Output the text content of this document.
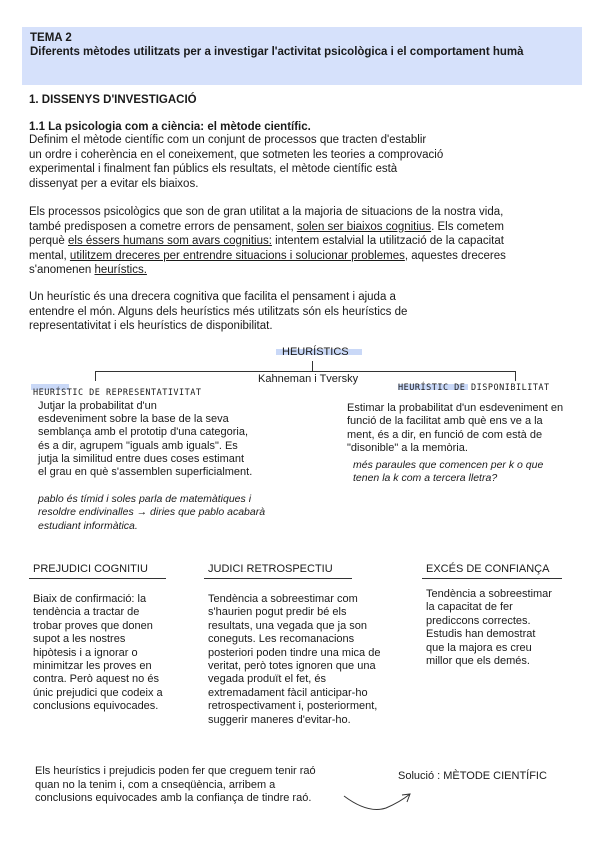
TEMA 2
Diferents mètodes utilitzats per a investigar l'activitat psicològica i el comportament humà
1. DISSENYS D'INVESTIGACIÓ
1.1 La psicologia com a ciència: el mètode científic.

Definim el mètode científic com un conjunt de processos que tracten d'establir

un ordre i coherència en el coneixement, que sotmeten les teories a comprovació

experimental i finalment fan públics els resultats, el mètode científic està

dissenyat per a evitar els biaixos.

Els processos psicològics que son de gran utilitat a la majoria de situacions de la nostra vida,

també predisposen a cometre errors de pensament, solen ser biaixos cognitius. Els cometem

perquè els éssers humans som avars cognitius: intentem estalvial la utilització de la capacitat

mental, utilitzem dreceres per entrendre situacions i solucionar problemes, aquestes dreceres

s'anomenen heurístics.

Un heurístic és una drecera cognitiva que facilita el pensament i ajuda a

entendre el món. Alguns dels heurístics més utilitzats són els heurístics de

representativitat i els heurístics de disponibilitat.

HEURÍSTICS
Kahneman i Tversky
HEURÍSTIC DE REPRESENTATIVITAT	HEURÍSTIC DE DISPONIBILITAT
Jutjar la probabilitat d'un
esdeveniment sobre la base de la seva
semblança amb el prototip d'una categoria,
és a dir, agrupem "iguals amb iguals". Es
jutja la similitud entre dues coses estimant
el grau en què s'assemblen superficialment.
pablo és tímid i soles parla de matemàtiques i
resoldre endivinalles → diries que pablo acabarà
estudiant informàtica.
Estimar la probabilitat d'un esdeveniment en
funció de la facilitat amb què ens ve a la
ment, és a dir, en funció de com està de
"disonible" a la memòria.
més paraules que comencen per k o que
tenen la k com a tercera lletra?
PREJUDICI COGNITIU
Biaix de confirmació: la
tendència a tractar de
trobar proves que donen
supot a les nostres
hipòtesis i a ignorar o
minimitzar les proves en
contra. Però aquest no és
únic prejudici que codeix a
conclusions equivocades.
JUDICI RETROSPECTIU
Tendència a sobreestimar com
s'haurien pogut predir bé els
resultats, una vegada que ja son
coneguts. Les recomanacions
posteriori poden tindre una mica de
veritat, però totes ignoren que una
vegada produït el fet, és
extremadament fàcil anticipar-ho
retrospectivament i, posteriorment,
suggerir maneres d'evitar-ho.
EXCÉS DE CONFIANÇA
Tendència a sobreestimar
la capacitat de fer
prediccons correctes.
Estudis han demostrat
que la majora es creu
millor que els demés.
Els heurístics i prejudicis poden fer que creguem tenir raó
quan no la tenim i, com a cnseqüència, arribem a
conclusions equivocades amb la confiança de tindre raó.
Solució : MÈTODE CIENTÍFIC
